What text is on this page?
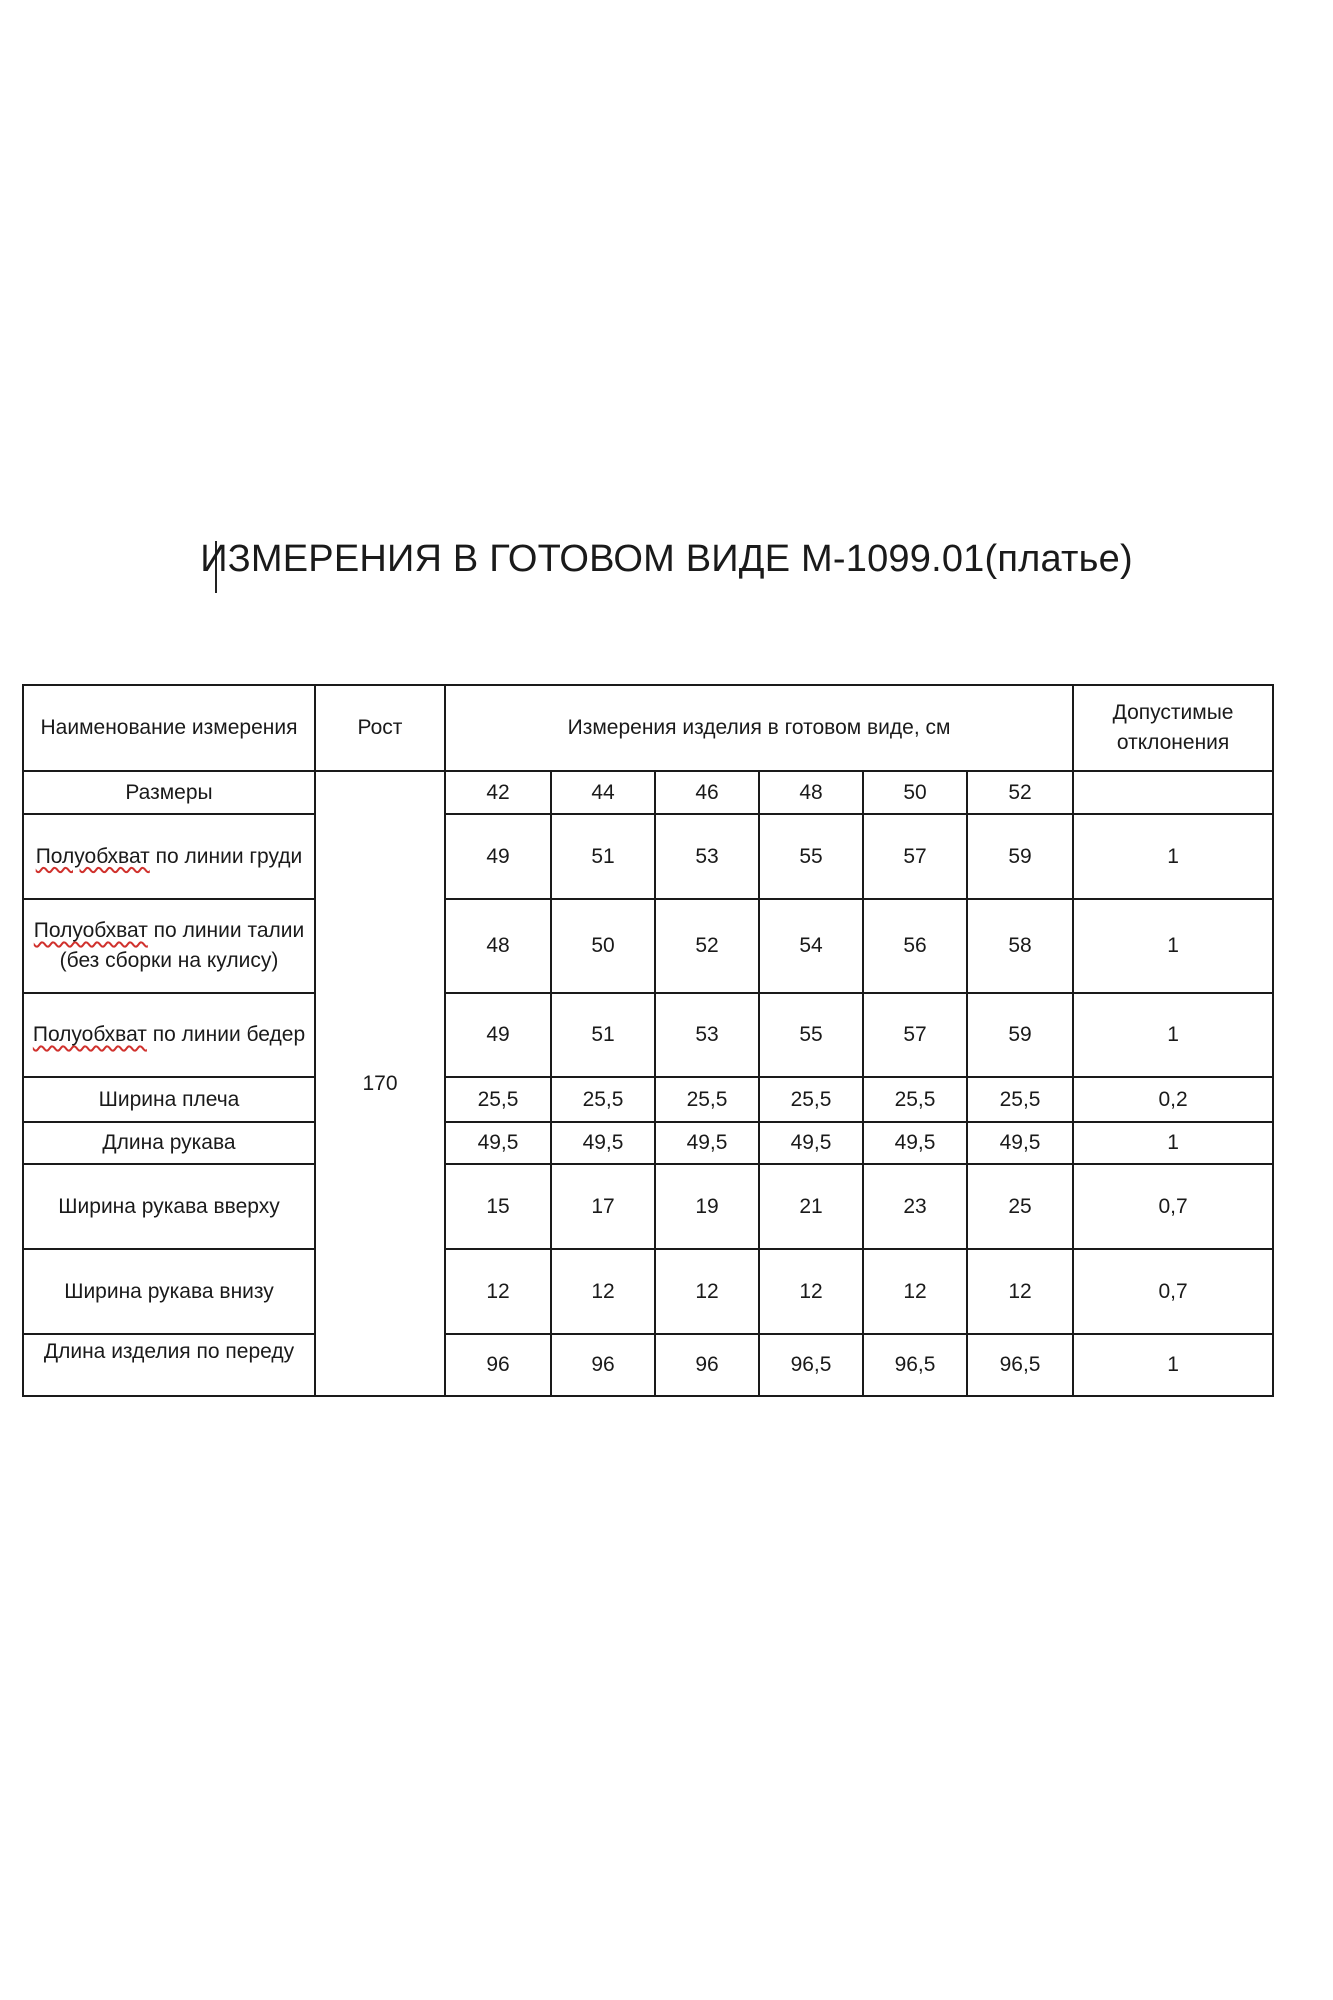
ИЗМЕРЕНИЯ В ГОТОВОМ ВИДЕ М-1099.01(платье)
Наименование измерения	Рост	Измерения изделия в готовом виде, см						Допустимые отклонения
Размеры	170	42	44	46	48	50	52	
Полуобхват по линии груди		49	51	53	55	57	59	1
Полуобхват по линии талии (без сборки на кулису)		48	50	52	54	56	58	1
Полуобхват по линии бедер		49	51	53	55	57	59	1
Ширина плеча		25,5	25,5	25,5	25,5	25,5	25,5	0,2
Длина рукава		49,5	49,5	49,5	49,5	49,5	49,5	1
Ширина рукава вверху		15	17	19	21	23	25	0,7
Ширина рукава внизу		12	12	12	12	12	12	0,7

Длина изделия по переду		96	96	96	96,5	96,5	96,5	1
